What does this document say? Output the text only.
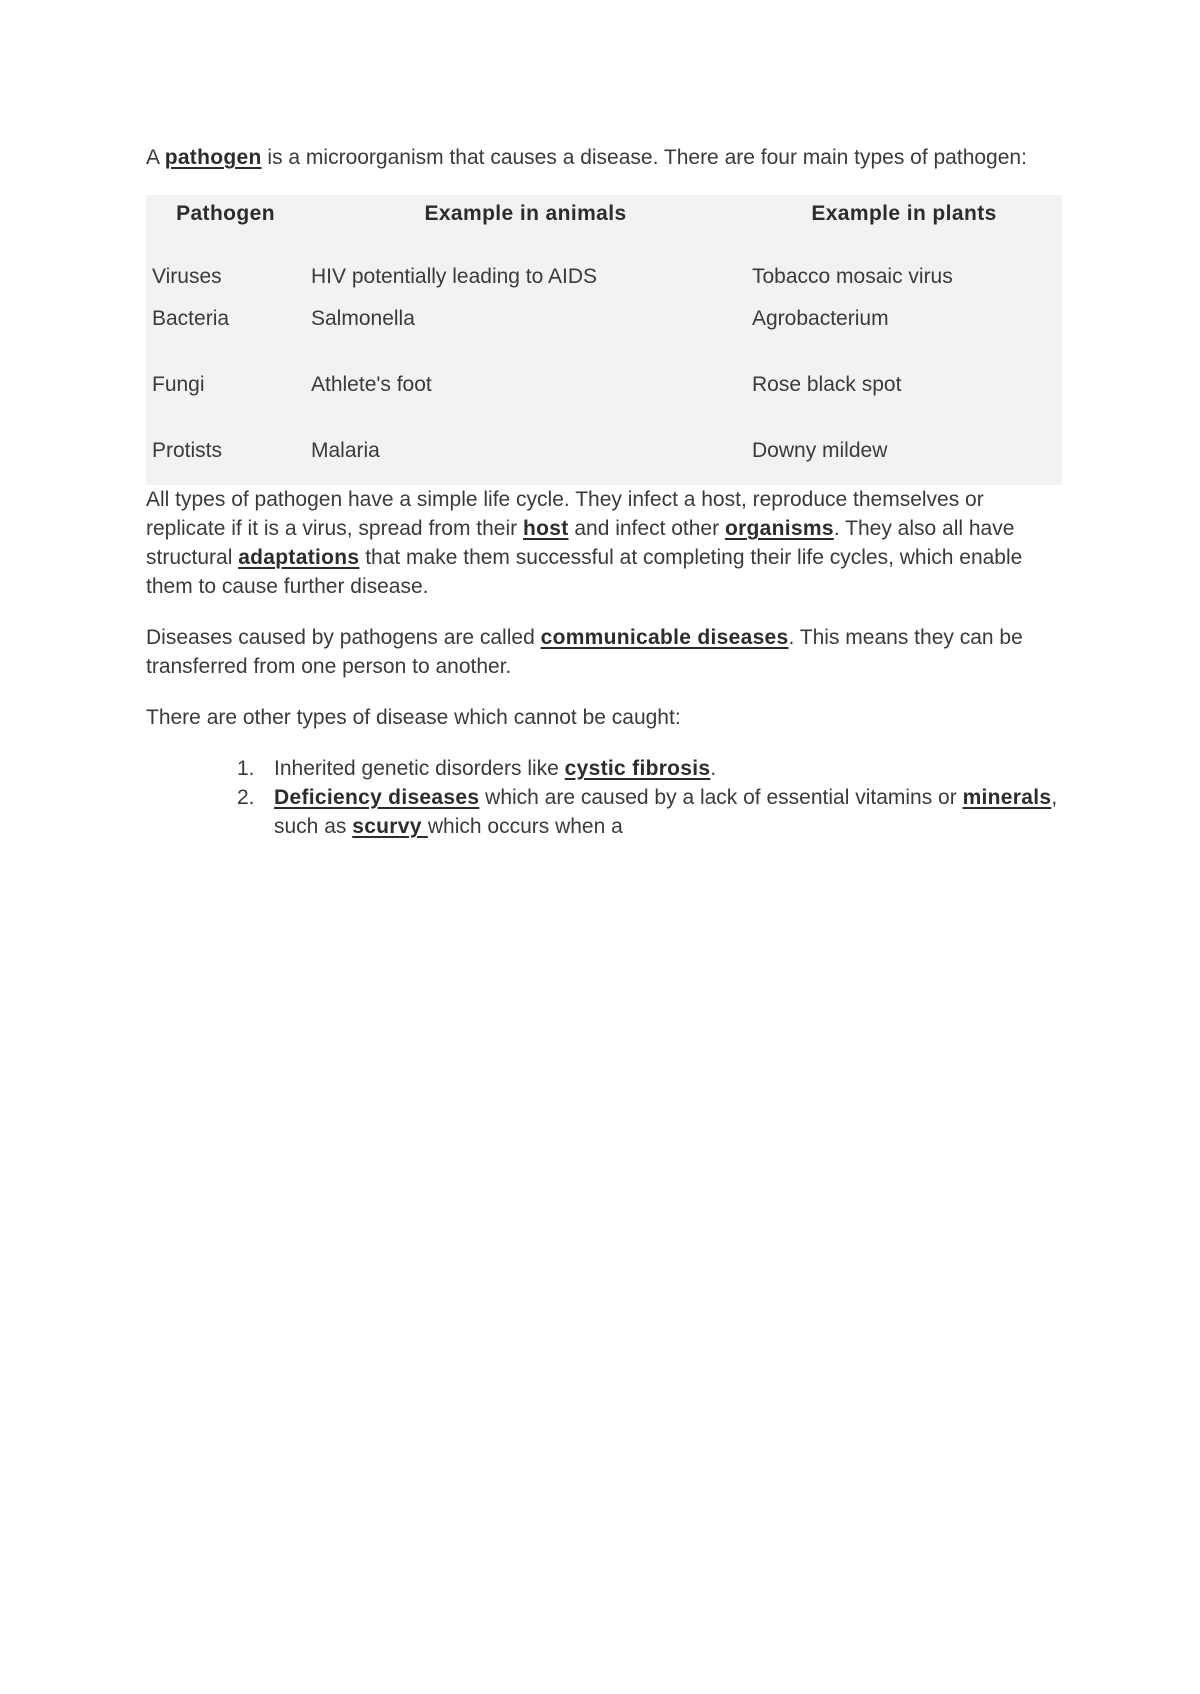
A pathogen is a microorganism that causes a disease. There are four main types of pathogen:

Pathogen	Example in animals	Example in plants
Viruses	HIV potentially leading to AIDS	Tobacco mosaic virus
Bacteria	Salmonella	Agrobacterium
Fungi	Athlete's foot	Rose black spot
Protists	Malaria	Downy mildew

All types of pathogen have a simple life cycle. They infect a host, reproduce themselves or replicate if it is a virus, spread from their host and infect other organisms. They also all have structural adaptations that make them successful at completing their life cycles, which enable them to cause further disease.

Diseases caused by pathogens are called communicable diseases. This means they can be transferred from one person to another.

There are other types of disease which cannot be caught:

1. Inherited genetic disorders like cystic fibrosis.
2. Deficiency diseases which are caused by a lack of essential vitamins or minerals, such as scurvy which occurs when a
